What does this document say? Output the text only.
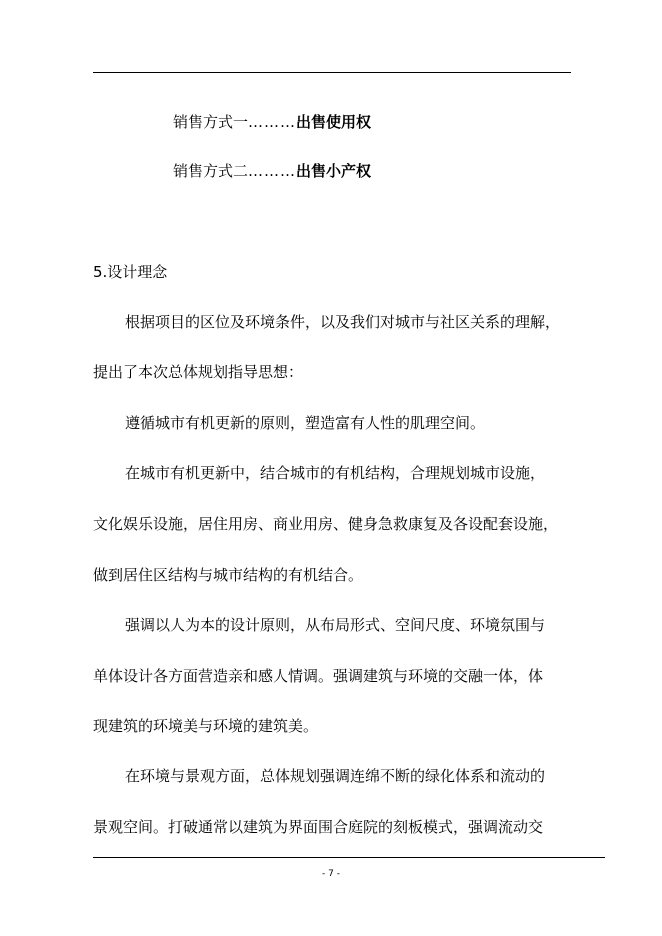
销售方式一………出售使用权
销售方式二………出售小产权
5.设计理念
根据项目的区位及环境条件，以及我们对城市与社区关系的理解，
提出了本次总体规划指导思想：
遵循城市有机更新的原则，塑造富有人性的肌理空间。
在城市有机更新中，结合城市的有机结构，合理规划城市设施，
文化娱乐设施，居住用房、商业用房、健身急救康复及各设配套设施，
做到居住区结构与城市结构的有机结合。
强调以人为本的设计原则，从布局形式、空间尺度、环境氛围与
单体设计各方面营造亲和感人情调。强调建筑与环境的交融一体，体
现建筑的环境美与环境的建筑美。
在环境与景观方面，总体规划强调连绵不断的绿化体系和流动的
景观空间。打破通常以建筑为界面围合庭院的刻板模式，强调流动交
- 7 -
